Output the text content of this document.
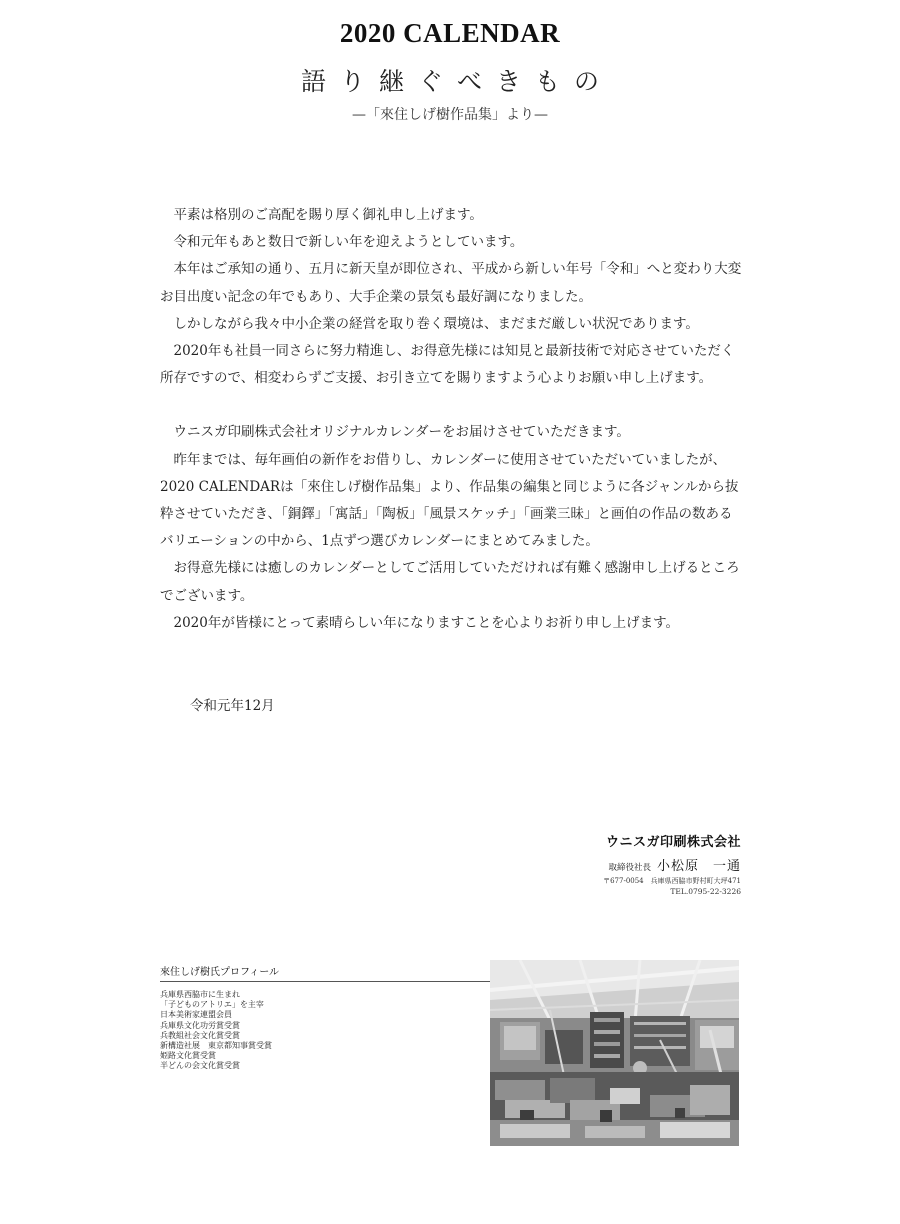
2020 CALENDAR
語り継ぐべきもの
—「來住しげ樹作品集」より—

平素は格別のご高配を賜り厚く御礼申し上げます。

令和元年もあと数日で新しい年を迎えようとしています。

本年はご承知の通り、五月に新天皇が即位され、平成から新しい年号「令和」へと変わり大変お目出度い記念の年でもあり、大手企業の景気も最好調になりました。

しかしながら我々中小企業の経営を取り巻く環境は、まだまだ厳しい状況であります。

2020年も社員一同さらに努力精進し、お得意先様には知見と最新技術で対応させていただく所存ですので、相変わらずご支援、お引き立てを賜りますよう心よりお願い申し上げます。

ウニスガ印刷株式会社オリジナルカレンダーをお届けさせていただきます。

昨年までは、毎年画伯の新作をお借りし、カレンダーに使用させていただいていましたが、2020 CALENDARは「來住しげ樹作品集」より、作品集の編集と同じように各ジャンルから抜粋させていただき、「銅鐸」「寓話」「陶板」「風景スケッチ」「画業三昧」と画伯の作品の数あるバリエーションの中から、1点ずつ選びカレンダーにまとめてみました。

お得意先様には癒しのカレンダーとしてご活用していただければ有難く感謝申し上げるところでございます。

2020年が皆様にとって素晴らしい年になりますことを心よりお祈り申し上げます。

令和元年12月
ウニスガ印刷株式会社
取締役社長 小松原　一通
〒677-0054　兵庫県西脇市野村町大坪471
TEL.0795-22-3226
來住しげ樹氏プロフィール
兵庫県西脇市に生まれ
「子どものアトリエ」を主宰
日本美術家連盟会員
兵庫県文化功労賞受賞
兵教組社会文化賞受賞
新構造社展　東京都知事賞受賞
姫路文化賞受賞
半どんの会文化賞受賞
